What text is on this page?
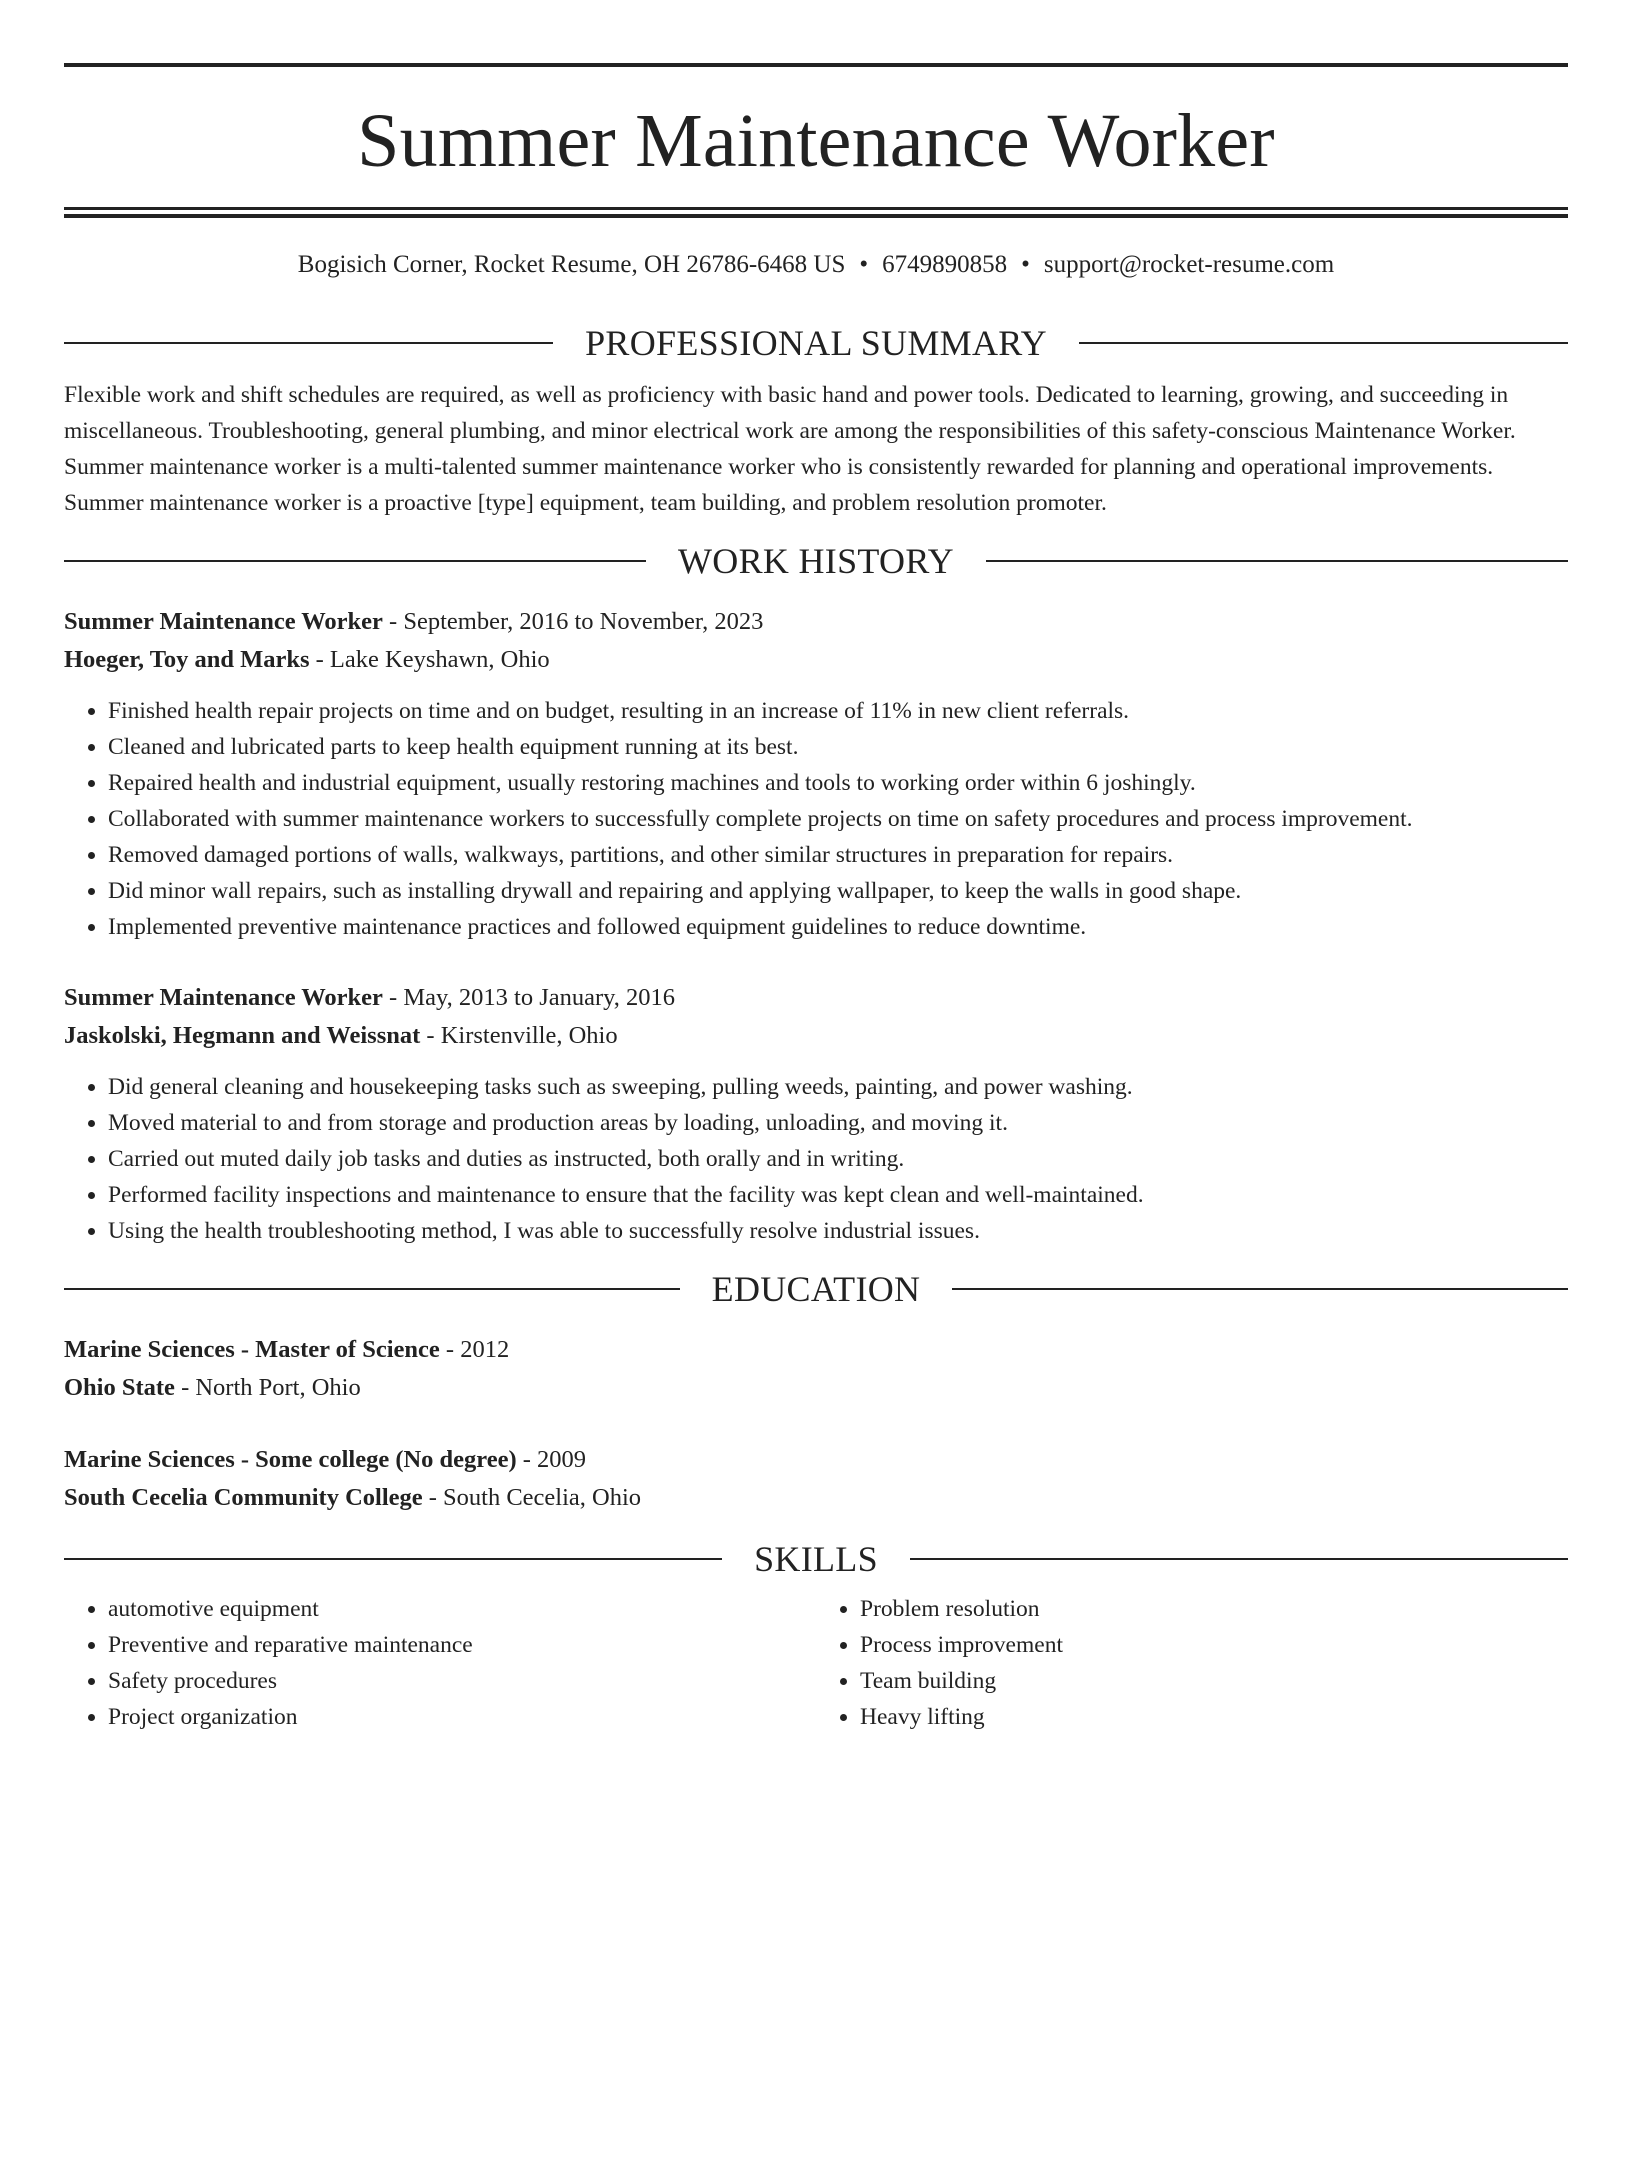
Summer Maintenance Worker
Bogisich Corner, Rocket Resume, OH 26786-6468 US • 6749890858 • support@rocket-resume.com
PROFESSIONAL SUMMARY

Flexible work and shift schedules are required, as well as proficiency with basic hand and power tools. Dedicated to learning, growing, and succeeding in miscellaneous. Troubleshooting, general plumbing, and minor electrical work are among the responsibilities of this safety-conscious Maintenance Worker. Summer maintenance worker is a multi-talented summer maintenance worker who is consistently rewarded for planning and operational improvements. Summer maintenance worker is a proactive [type] equipment, team building, and problem resolution promoter.

WORK HISTORY
Summer Maintenance Worker - September, 2016 to November, 2023
Hoeger, Toy and Marks - Lake Keyshawn, Ohio
• Finished health repair projects on time and on budget, resulting in an increase of 11% in new client referrals.
• Cleaned and lubricated parts to keep health equipment running at its best.
• Repaired health and industrial equipment, usually restoring machines and tools to working order within 6 joshingly.
• Collaborated with summer maintenance workers to successfully complete projects on time on safety procedures and process improvement.
• Removed damaged portions of walls, walkways, partitions, and other similar structures in preparation for repairs.
• Did minor wall repairs, such as installing drywall and repairing and applying wallpaper, to keep the walls in good shape.
• Implemented preventive maintenance practices and followed equipment guidelines to reduce downtime.
Summer Maintenance Worker - May, 2013 to January, 2016
Jaskolski, Hegmann and Weissnat - Kirstenville, Ohio
• Did general cleaning and housekeeping tasks such as sweeping, pulling weeds, painting, and power washing.
• Moved material to and from storage and production areas by loading, unloading, and moving it.
• Carried out muted daily job tasks and duties as instructed, both orally and in writing.
• Performed facility inspections and maintenance to ensure that the facility was kept clean and well-maintained.
• Using the health troubleshooting method, I was able to successfully resolve industrial issues.
EDUCATION
Marine Sciences - Master of Science - 2012
Ohio State - North Port, Ohio
Marine Sciences - Some college (No degree) - 2009
South Cecelia Community College - South Cecelia, Ohio
SKILLS
• automotive equipment
• Preventive and reparative maintenance
• Safety procedures
• Project organization
• Problem resolution
• Process improvement
• Team building
• Heavy lifting
